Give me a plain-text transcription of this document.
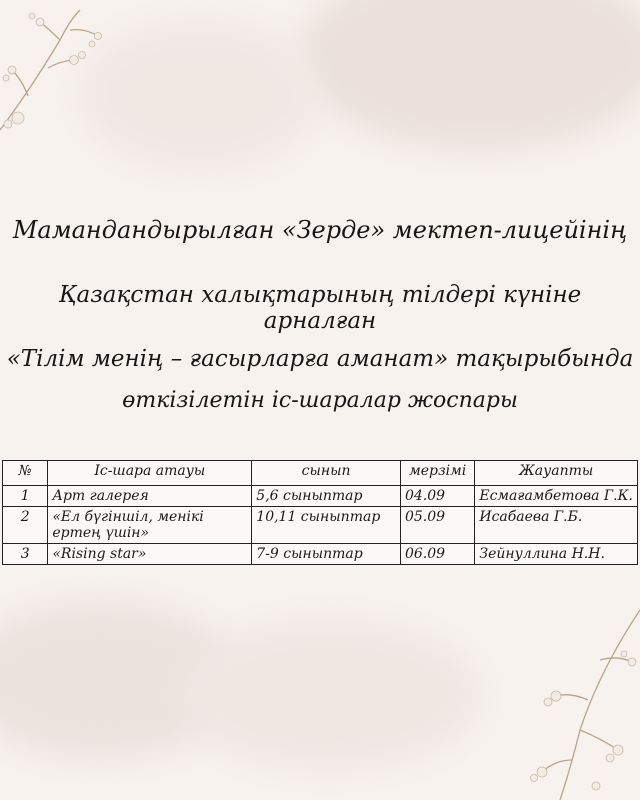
Мамандандырылған «Зерде» мектеп-лицейінің
Қазақстан халықтарының тілдері күніне арналған
«Тілім менің – ғасырларға аманат» тақырыбында
өткізілетін іс-шаралар жоспары
№	Іс-шара атауы	сынып	мерзімі	Жауапты
1	Арт галерея	5,6 сыныптар	04.09	Есмағамбетова Г.К.
2	«Ел бүгіншіл, менікі ертең үшін»	10,11 сыныптар	05.09	Исабаева Г.Б.
3	«Rising star»	7-9 сыныптар	06.09	Зейнуллина Н.Н.
